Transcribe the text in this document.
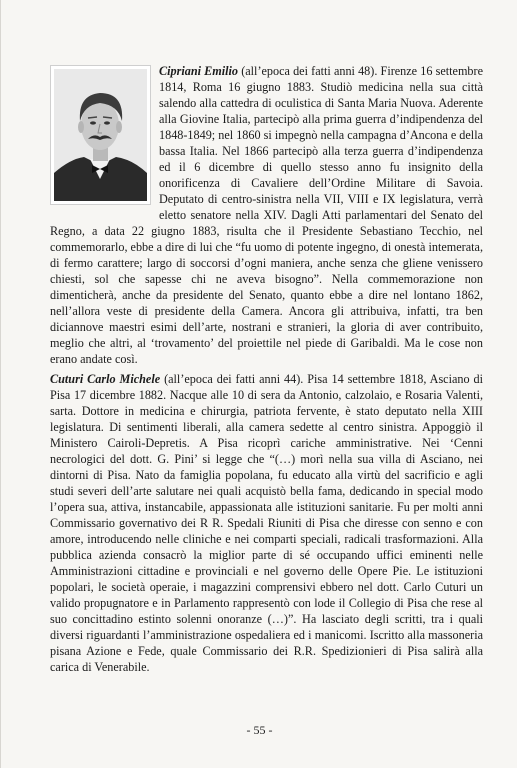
Cipriani Emilio (all’epoca dei fatti anni 48). Firenze 16 settembre 1814, Roma 16 giugno 1883. Studiò medicina nella sua città salendo alla cattedra di oculistica di Santa Maria Nuova. Aderente alla Giovine Italia, partecipò alla prima guerra d’indipendenza del 1848-1849; nel 1860 si impegnò nella campagna d’Ancona e della bassa Italia. Nel 1866 partecipò alla terza guerra d’indipendenza ed il 6 dicembre di quello stesso anno fu insignito della onorificenza di Cavaliere dell’Ordine Militare di Savoia. Deputato di centro-sinistra nella VII, VIII e IX legislatura, verrà eletto senatore nella XIV. Dagli Atti parlamentari del Senato del Regno, a data 22 giugno 1883, risulta che il Presidente Sebastiano Tecchio, nel commemorarlo, ebbe a dire di lui che “fu uomo di potente ingegno, di onestà intemerata, di fermo carattere; largo di soccorsi d’ogni maniera, anche senza che gliene venissero chiesti, sol che sapesse chi ne aveva bisogno”. Nella commemorazione non dimenticherà, anche da presidente del Senato, quanto ebbe a dire nel lontano 1862, nell’allora veste di presidente della Camera. Ancora gli attribuiva, infatti, tra ben diciannove maestri esimi dell’arte, nostrani e stranieri, la gloria di aver contribuito, meglio che altri, al ‘trovamento’ del proiettile nel piede di Garibaldi. Ma le cose non erano andate così.

Cuturi Carlo Michele (all’epoca dei fatti anni 44). Pisa 14 settembre 1818, Asciano di Pisa 17 dicembre 1882. Nacque alle 10 di sera da Antonio, calzolaio, e Rosaria Valenti, sarta. Dottore in medicina e chirurgia, patriota fervente, è stato deputato nella XIII legislatura. Di sentimenti liberali, alla camera sedette al centro sinistra. Appoggiò il Ministero Cairoli-Depretis. A Pisa ricoprì cariche amministrative. Nei ‘Cenni necrologici del dott. G. Pini’ si legge che “(…) morì nella sua villa di Asciano, nei dintorni di Pisa. Nato da famiglia popolana, fu educato alla virtù del sacrificio e agli studi severi dell’arte salutare nei quali acquistò bella fama, dedicando in special modo l’opera sua, attiva, instancabile, appassionata alle istituzioni sanitarie. Fu per molti anni Commissario governativo dei R R. Spedali Riuniti di Pisa che diresse con senno e con amore, introducendo nelle cliniche e nei comparti speciali, radicali trasformazioni. Alla pubblica azienda consacrò la miglior parte di sé occupando uffici eminenti nelle Amministrazioni cittadine e provinciali e nel governo delle Opere Pie. Le istituzioni popolari, le società operaie, i magazzini comprensivi ebbero nel dott. Carlo Cuturi un valido propugnatore e in Parlamento rappresentò con lode il Collegio di Pisa che rese al suo concittadino estinto solenni onoranze (…)”. Ha lasciato degli scritti, tra i quali diversi riguardanti l’amministrazione ospedaliera ed i manicomi. Iscritto alla massoneria pisana Azione e Fede, quale Commissario dei R.R. Spedizionieri di Pisa salirà alla carica di Venerabile.

- 55 -
